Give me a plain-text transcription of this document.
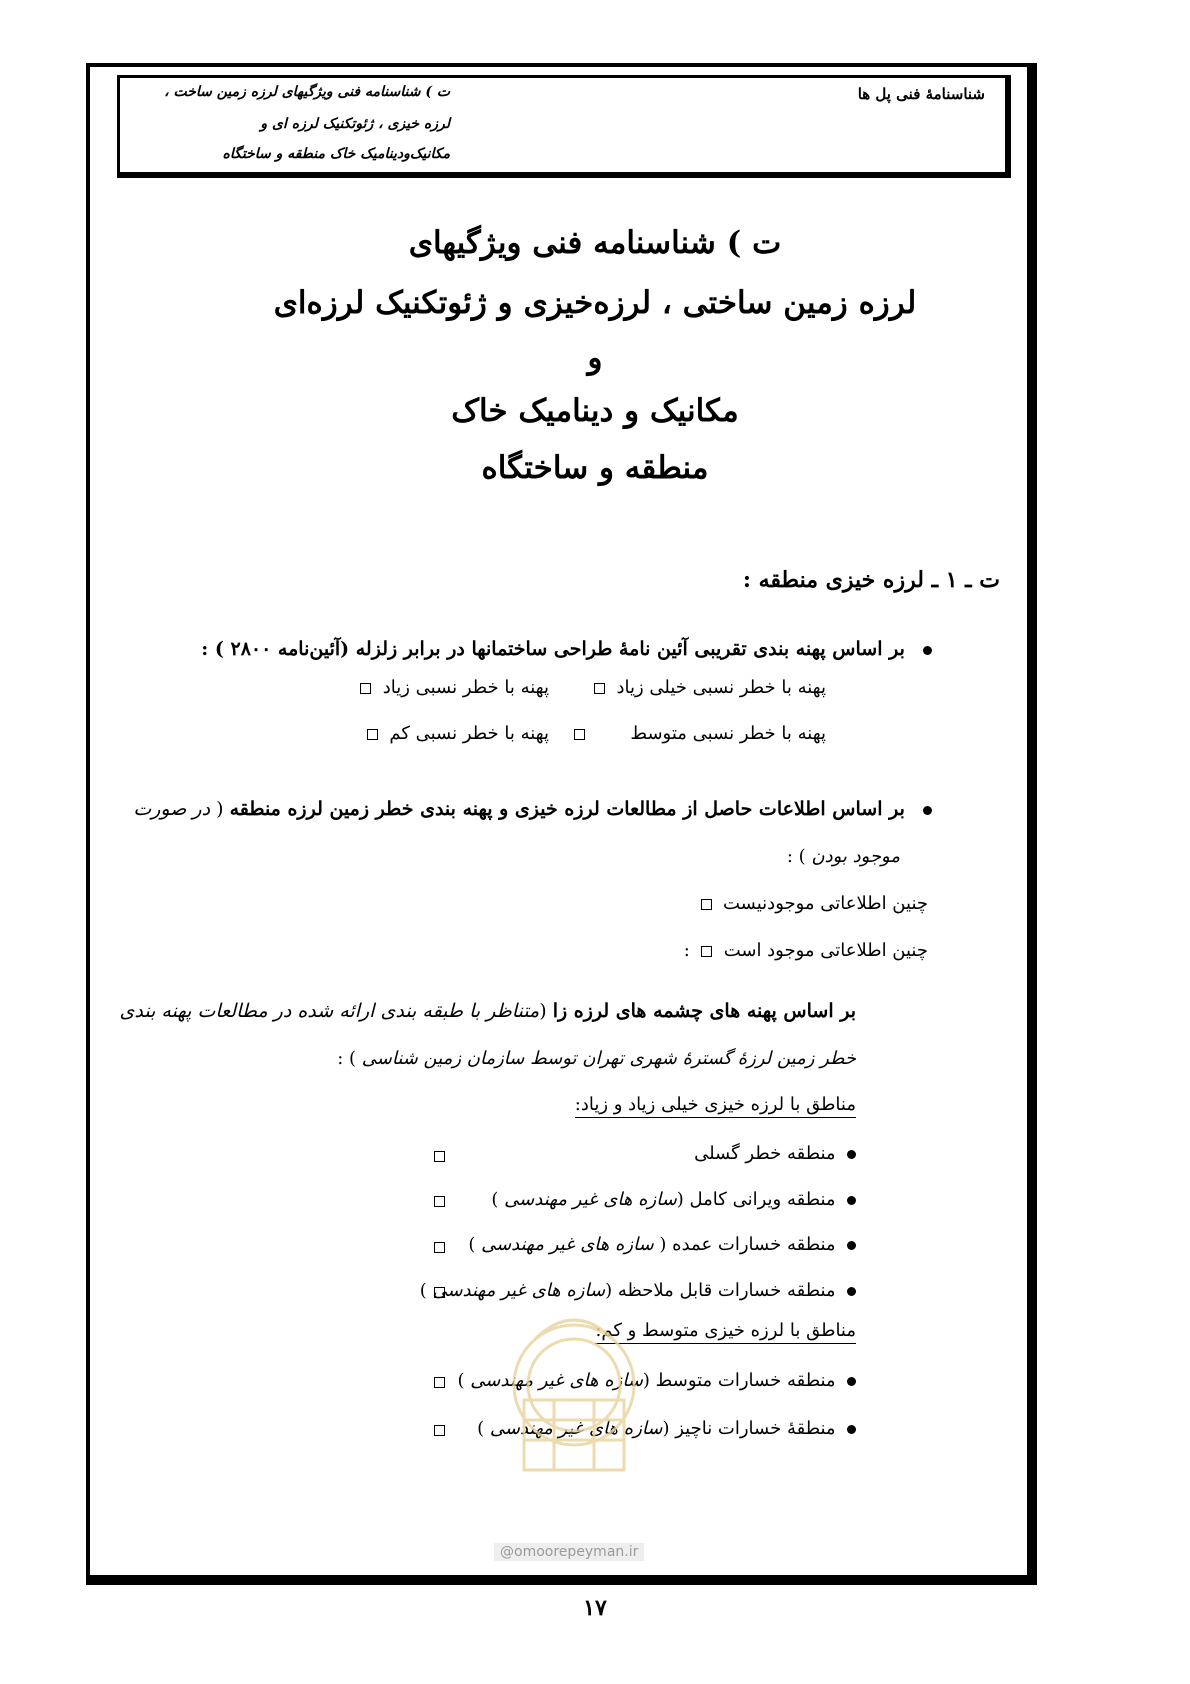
شناسنامهٔ فنی پل ها
ت ) شناسنامه فنی ویژگیهای لرزه زمین ساخت ،
لرزه خیزی ، ژئوتکنیک لرزه ای و
مکانیک‌ودینامیک خاک منطقه و ساختگاه
ت ) شناسنامه فنی ویژگیهای
لرزه زمین ساختی ، لرزه‌خیزی و ژئوتکنیک لرزه‌ای
و
مکانیک و دینامیک خاک
منطقه و ساختگاه
ت ـ ۱ ـ لرزه خیزی منطقه :
بر اساس پهنه بندی تقریبی آئین نامهٔ طراحی ساختمانها در برابر زلزله (آئین‌نامه ۲۸۰۰ ) :
پهنه با خطر نسبی خیلی زیاد
پهنه با خطر نسبی زیاد
پهنه با خطر نسبی متوسط
پهنه با خطر نسبی کم
بر اساس اطلاعات حاصل از مطالعات لرزه خیزی و پهنه بندی خطر زمین لرزه منطقه ( در صورت
موجود بودن ) :
چنین اطلاعاتی موجودنیست
چنین اطلاعاتی موجود است    :
بر اساس پهنه های چشمه های لرزه زا (متناظر با طبقه بندی ارائه شده در مطالعات پهنه بندی
خطر زمین لرزهٔ گسترهٔ شهری تهران توسط سازمان زمین شناسی ) :
مناطق با لرزه خیزی خیلی زیاد و زیاد:
منطقه خطر گسلی
منطقه ویرانی کامل (سازه های غیر مهندسی )
منطقه خسارات عمده ( سازه های غیر مهندسی )
منطقه خسارات قابل ملاحظه (سازه های غیر مهندسی )
مناطق با لرزه خیزی متوسط و کم:
منطقه خسارات متوسط (سازه های غیر مهندسی )
منطقهٔ خسارات ناچیز (سازه های غیر مهندسی )
@omoorepeyman.ir
۱۷
